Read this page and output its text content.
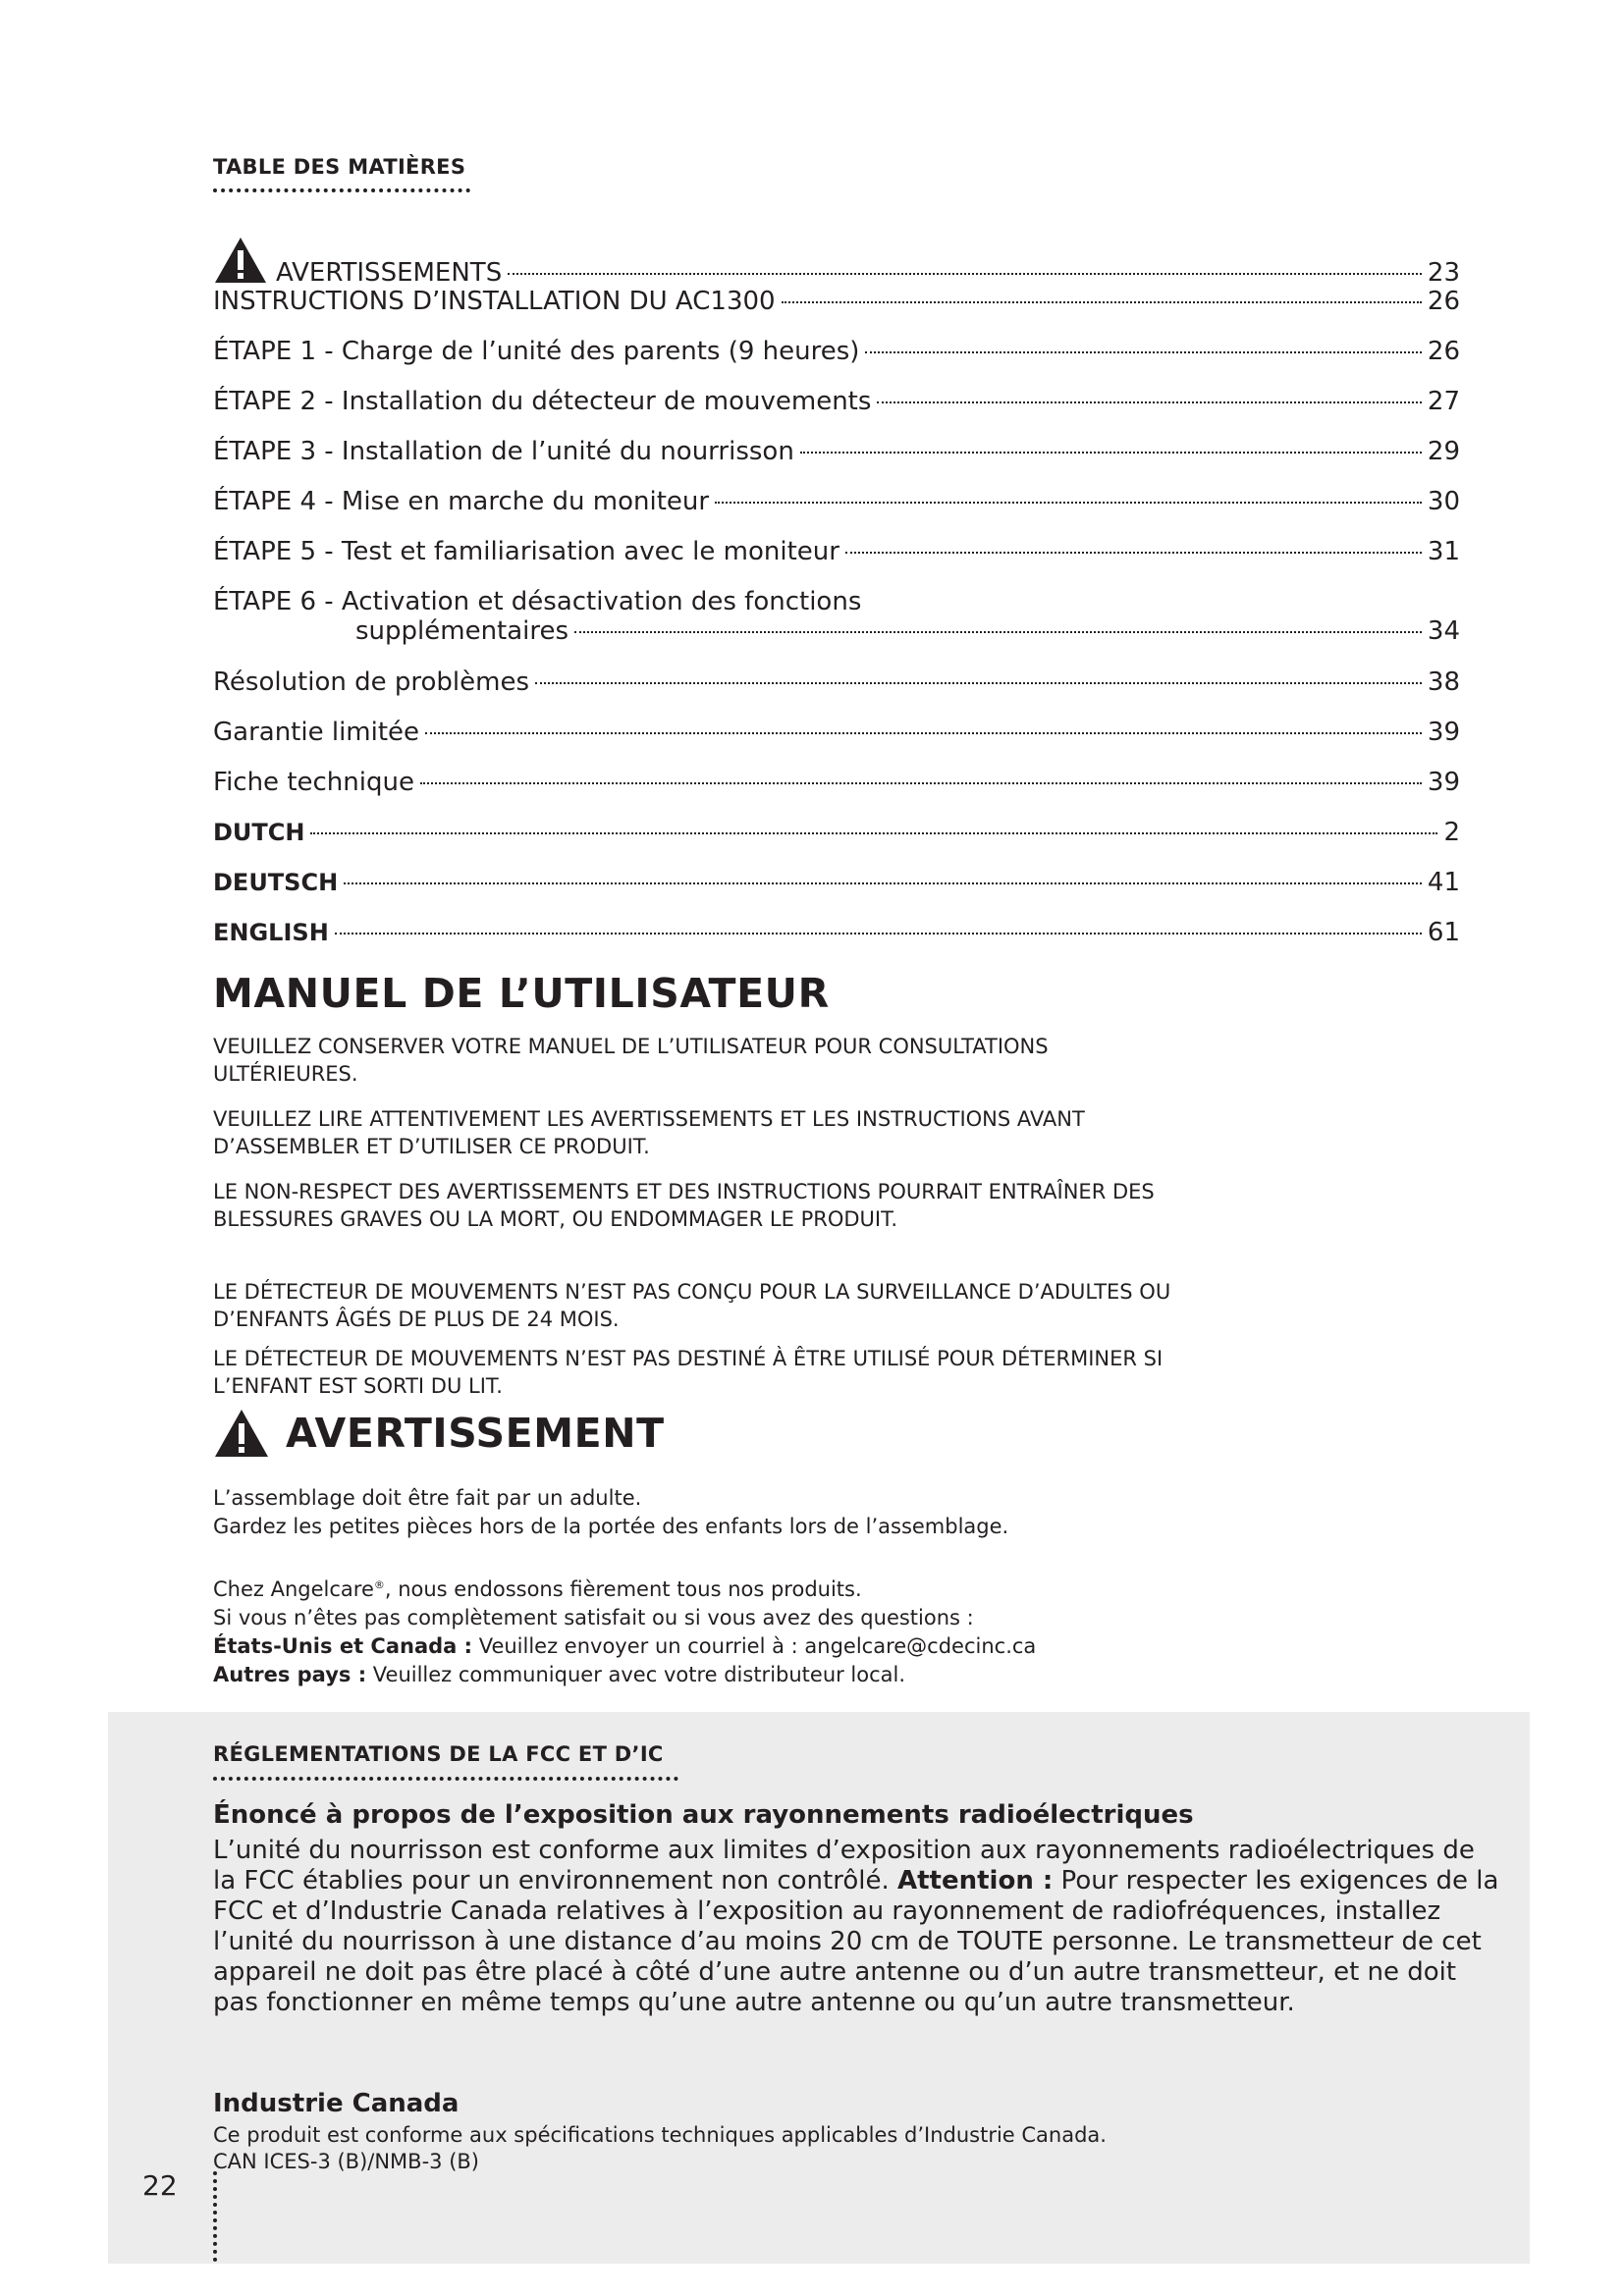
TABLE DES MATIÈRES
AVERTISSEMENTS	23
INSTRUCTIONS D’INSTALLATION DU AC1300	26
ÉTAPE 1 - Charge de l’unité des parents (9 heures)	26
ÉTAPE 2 - Installation du détecteur de mouvements	27
ÉTAPE 3 - Installation de l’unité du nourrisson	29
ÉTAPE 4 - Mise en marche du moniteur	30
ÉTAPE 5 - Test et familiarisation avec le moniteur	31
ÉTAPE 6 - Activation et désactivation des fonctions
supplémentaires	34
Résolution de problèmes	38
Garantie limitée	39
Fiche technique	39
DUTCH	2
DEUTSCH	41
ENGLISH	61
MANUEL DE L’UTILISATEUR
VEUILLEZ CONSERVER VOTRE MANUEL DE L’UTILISATEUR POUR CONSULTATIONS ULTÉRIEURES.
VEUILLEZ LIRE ATTENTIVEMENT LES AVERTISSEMENTS ET LES INSTRUCTIONS AVANT D’ASSEMBLER ET D’UTILISER CE PRODUIT.
LE NON-RESPECT DES AVERTISSEMENTS ET DES INSTRUCTIONS POURRAIT ENTRAÎNER DES BLESSURES GRAVES OU LA MORT, OU ENDOMMAGER LE PRODUIT.
LE DÉTECTEUR DE MOUVEMENTS N’EST PAS CONÇU POUR LA SURVEILLANCE D’ADULTES OU D’ENFANTS ÂGÉS DE PLUS DE 24 MOIS.
LE DÉTECTEUR DE MOUVEMENTS N’EST PAS DESTINÉ À ÊTRE UTILISÉ POUR DÉTERMINER SI L’ENFANT EST SORTI DU LIT.
AVERTISSEMENT
L’assemblage doit être fait par un adulte.
Gardez les petites pièces hors de la portée des enfants lors de l’assemblage.
Chez Angelcare®, nous endossons fièrement tous nos produits.
Si vous n’êtes pas complètement satisfait ou si vous avez des questions :
États-Unis et Canada : Veuillez envoyer un courriel à : angelcare@cdecinc.ca
Autres pays : Veuillez communiquer avec votre distributeur local.
RÉGLEMENTATIONS DE LA FCC ET D’IC
Énoncé à propos de l’exposition aux rayonnements radioélectriques
L’unité du nourrisson est conforme aux limites d’exposition aux rayonnements radioélectriques de la FCC établies pour un environnement non contrôlé. Attention : Pour respecter les exigences de la FCC et d’Industrie Canada relatives à l’exposition au rayonnement de radiofréquences, installez l’unité du nourrisson à une distance d’au moins 20 cm de TOUTE personne. Le transmetteur de cet appareil ne doit pas être placé à côté d’une autre antenne ou d’un autre transmetteur, et ne doit pas fonctionner en même temps qu’une autre antenne ou qu’un autre transmetteur.
Industrie Canada
Ce produit est conforme aux spécifications techniques applicables d’Industrie Canada.
CAN ICES-3 (B)/NMB-3 (B)
22
